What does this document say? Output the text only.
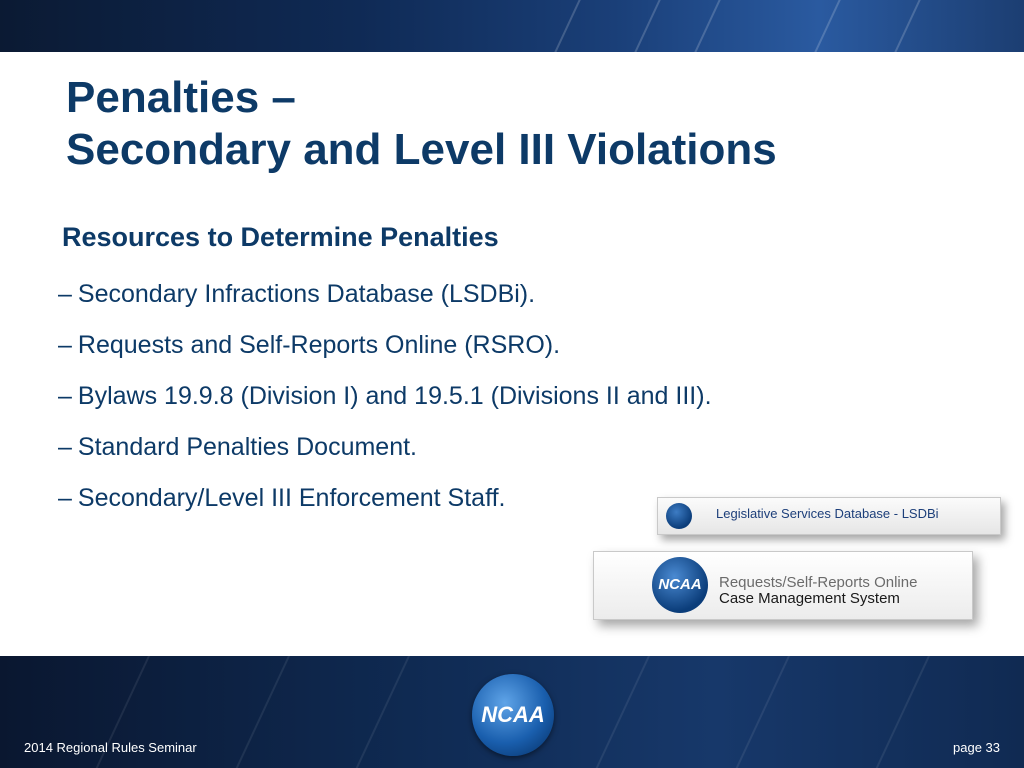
Penalties –
Secondary and Level III Violations
Resources to Determine Penalties
– Secondary Infractions Database (LSDBi).
– Requests and Self-Reports Online (RSRO).
– Bylaws 19.9.8 (Division I) and 19.5.1 (Divisions II and III).
– Standard Penalties Document.
– Secondary/Level III Enforcement Staff.
Legislative Services Database - LSDBi
NCAA	Requests/Self-Reports Online
Case Management System
NCAA
2014 Regional Rules Seminar	page 33
